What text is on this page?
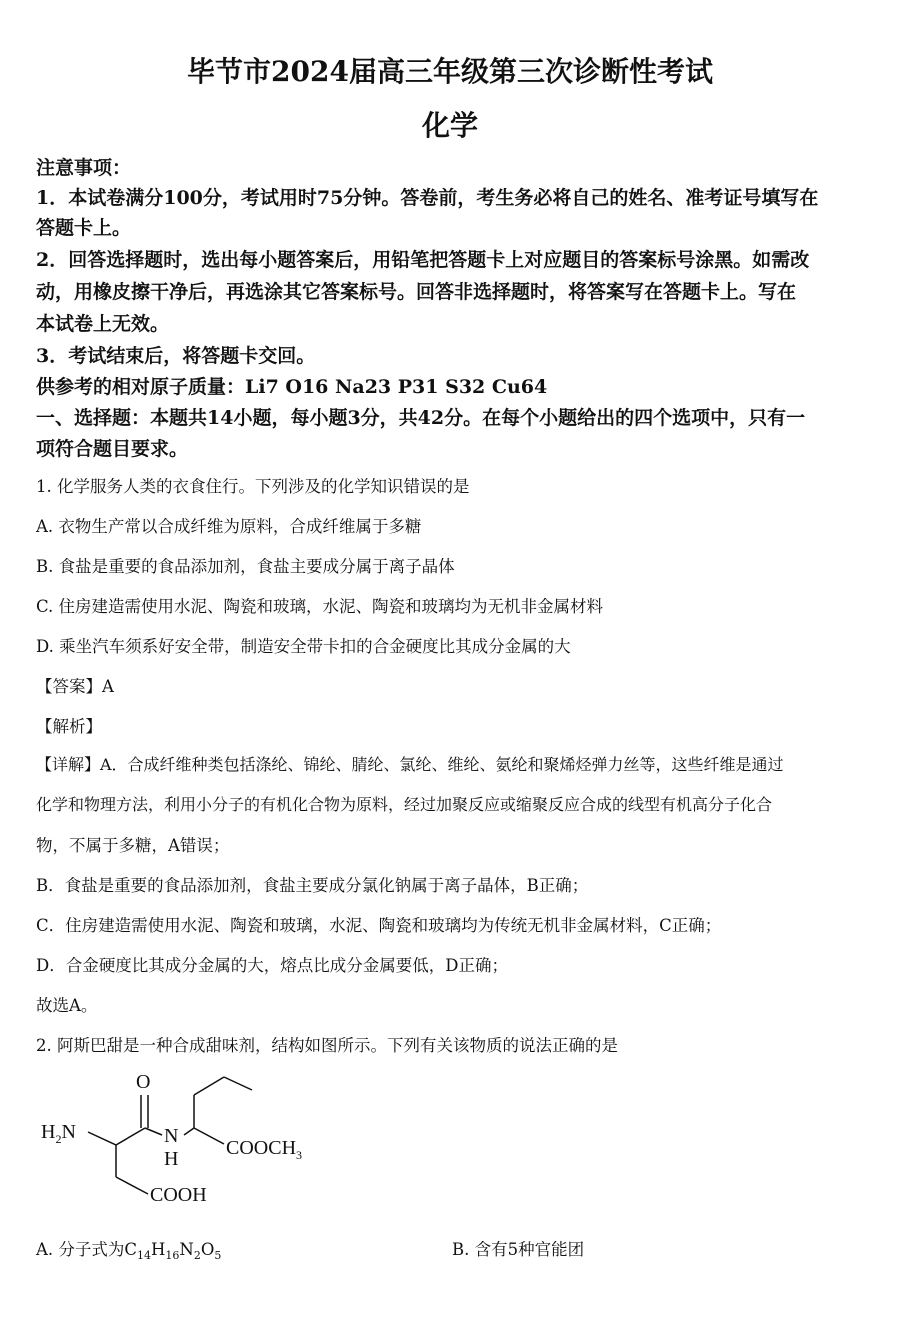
毕节市2024届高三年级第三次诊断性考试
化学
注意事项：
1．本试卷满分100分，考试用时75分钟。答卷前，考生务必将自己的姓名、准考证号填写在
答题卡上。
2．回答选择题时，选出每小题答案后，用铅笔把答题卡上对应题目的答案标号涂黑。如需改
动，用橡皮擦干净后，再选涂其它答案标号。回答非选择题时，将答案写在答题卡上。写在
本试卷上无效。
3．考试结束后，将答题卡交回。
供参考的相对原子质量：Li7 O16 Na23 P31 S32 Cu64
一、选择题：本题共14小题，每小题3分，共42分。在每个小题给出的四个选项中，只有一
项符合题目要求。
1. 化学服务人类的衣食住行。下列涉及的化学知识错误的是
A. 衣物生产常以合成纤维为原料，合成纤维属于多糖
B. 食盐是重要的食品添加剂，食盐主要成分属于离子晶体
C. 住房建造需使用水泥、陶瓷和玻璃，水泥、陶瓷和玻璃均为无机非金属材料
D. 乘坐汽车须系好安全带，制造安全带卡扣的合金硬度比其成分金属的大
【答案】A
【解析】
【详解】A．合成纤维种类包括涤纶、锦纶、腈纶、氯纶、维纶、氨纶和聚烯烃弹力丝等，这些纤维是通过
化学和物理方法，利用小分子的有机化合物为原料，经过加聚反应或缩聚反应合成的线型有机高分子化合
物，不属于多糖，A错误；
B．食盐是重要的食品添加剂，食盐主要成分氯化钠属于离子晶体，B正确；
C．住房建造需使用水泥、陶瓷和玻璃，水泥、陶瓷和玻璃均为传统无机非金属材料，C正确；
D．合金硬度比其成分金属的大，熔点比成分金属要低，D正确；
故选A。
2. 阿斯巴甜是一种合成甜味剂，结构如图所示。下列有关该物质的说法正确的是
$H_2N$
O
N
H $COOCH_3$
COOH
A. 分子式为$C_{14}H_{16}N_2O_5$	B. 含有5种官能团
